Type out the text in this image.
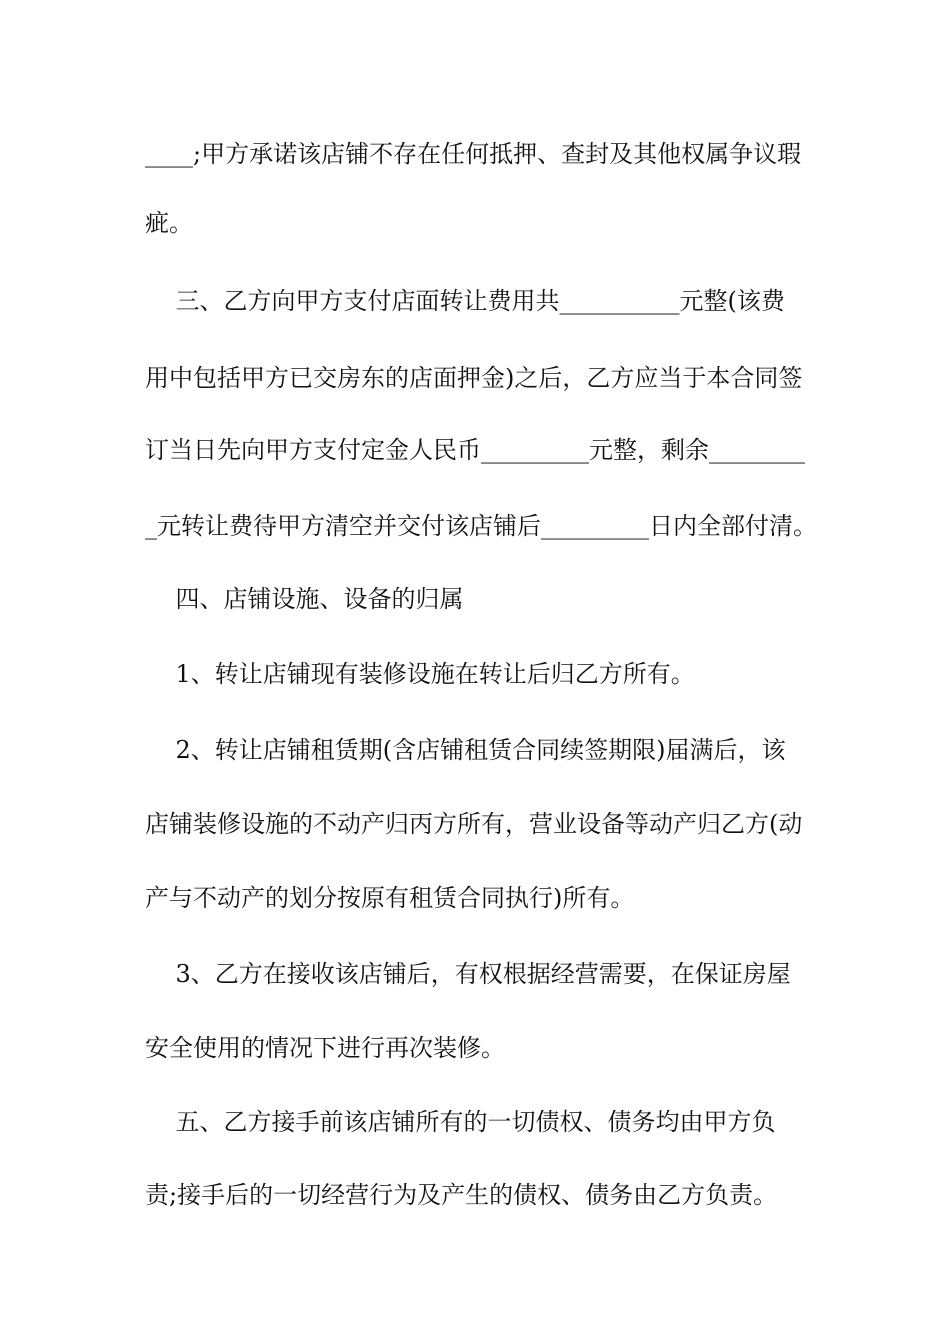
____;甲方承诺该店铺不存在任何抵押、查封及其他权属争议瑕
疵。
三、乙方向甲方支付店面转让费用共__________元整(该费
用中包括甲方已交房东的店面押金)之后，乙方应当于本合同签
订当日先向甲方支付定金人民币_________元整，剩余________
_元转让费待甲方清空并交付该店铺后_________日内全部付清。
四、店铺设施、设备的归属
1、转让店铺现有装修设施在转让后归乙方所有。
2、转让店铺租赁期(含店铺租赁合同续签期限)届满后，该
店铺装修设施的不动产归丙方所有，营业设备等动产归乙方(动
产与不动产的划分按原有租赁合同执行)所有。
3、乙方在接收该店铺后，有权根据经营需要，在保证房屋
安全使用的情况下进行再次装修。
五、乙方接手前该店铺所有的一切债权、债务均由甲方负
责;接手后的一切经营行为及产生的债权、债务由乙方负责。
